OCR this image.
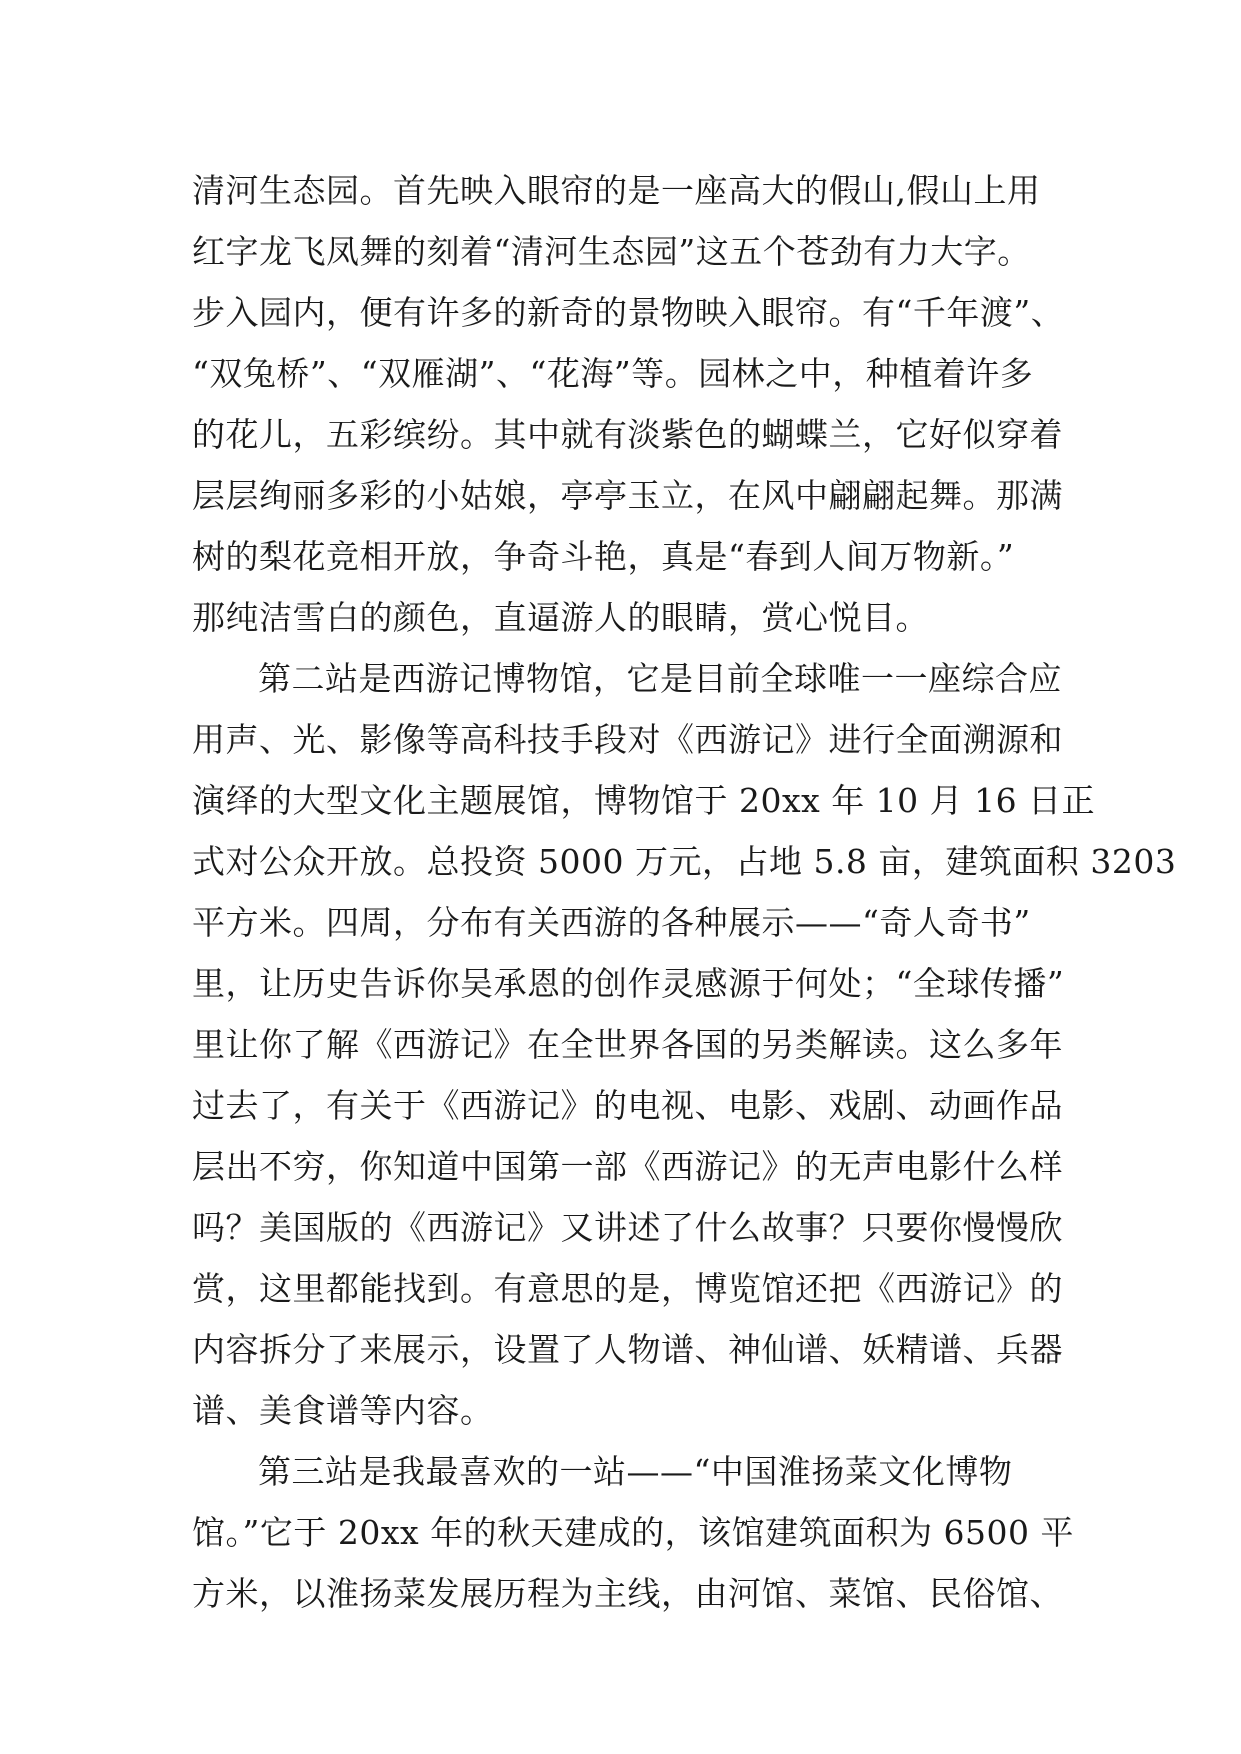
清河生态园。首先映入眼帘的是一座高大的假山,假山上用
红字龙飞凤舞的刻着“清河生态园”这五个苍劲有力大字。
步入园内，便有许多的新奇的景物映入眼帘。有“千年渡”、
“双兔桥”、“双雁湖”、“花海”等。园林之中，种植着许多
的花儿，五彩缤纷。其中就有淡紫色的蝴蝶兰，它好似穿着
层层绚丽多彩的小姑娘，亭亭玉立，在风中翩翩起舞。那满
树的梨花竞相开放，争奇斗艳，真是“春到人间万物新。”
那纯洁雪白的颜色，直逼游人的眼睛，赏心悦目。
第二站是西游记博物馆，它是目前全球唯一一座综合应
用声、光、影像等高科技手段对《西游记》进行全面溯源和
演绎的大型文化主题展馆，博物馆于 20xx 年 10 月 16 日正
式对公众开放。总投资 5000 万元，占地 5.8 亩，建筑面积 3203
平方米。四周，分布有关西游的各种展示——“奇人奇书”
里，让历史告诉你吴承恩的创作灵感源于何处；“全球传播”
里让你了解《西游记》在全世界各国的另类解读。这么多年
过去了，有关于《西游记》的电视、电影、戏剧、动画作品
层出不穷，你知道中国第一部《西游记》的无声电影什么样
吗？美国版的《西游记》又讲述了什么故事？只要你慢慢欣
赏，这里都能找到。有意思的是，博览馆还把《西游记》的
内容拆分了来展示，设置了人物谱、神仙谱、妖精谱、兵器
谱、美食谱等内容。
第三站是我最喜欢的一站——“中国淮扬菜文化博物
馆。”它于 20xx 年的秋天建成的，该馆建筑面积为 6500 平
方米，以淮扬菜发展历程为主线，由河馆、菜馆、民俗馆、
